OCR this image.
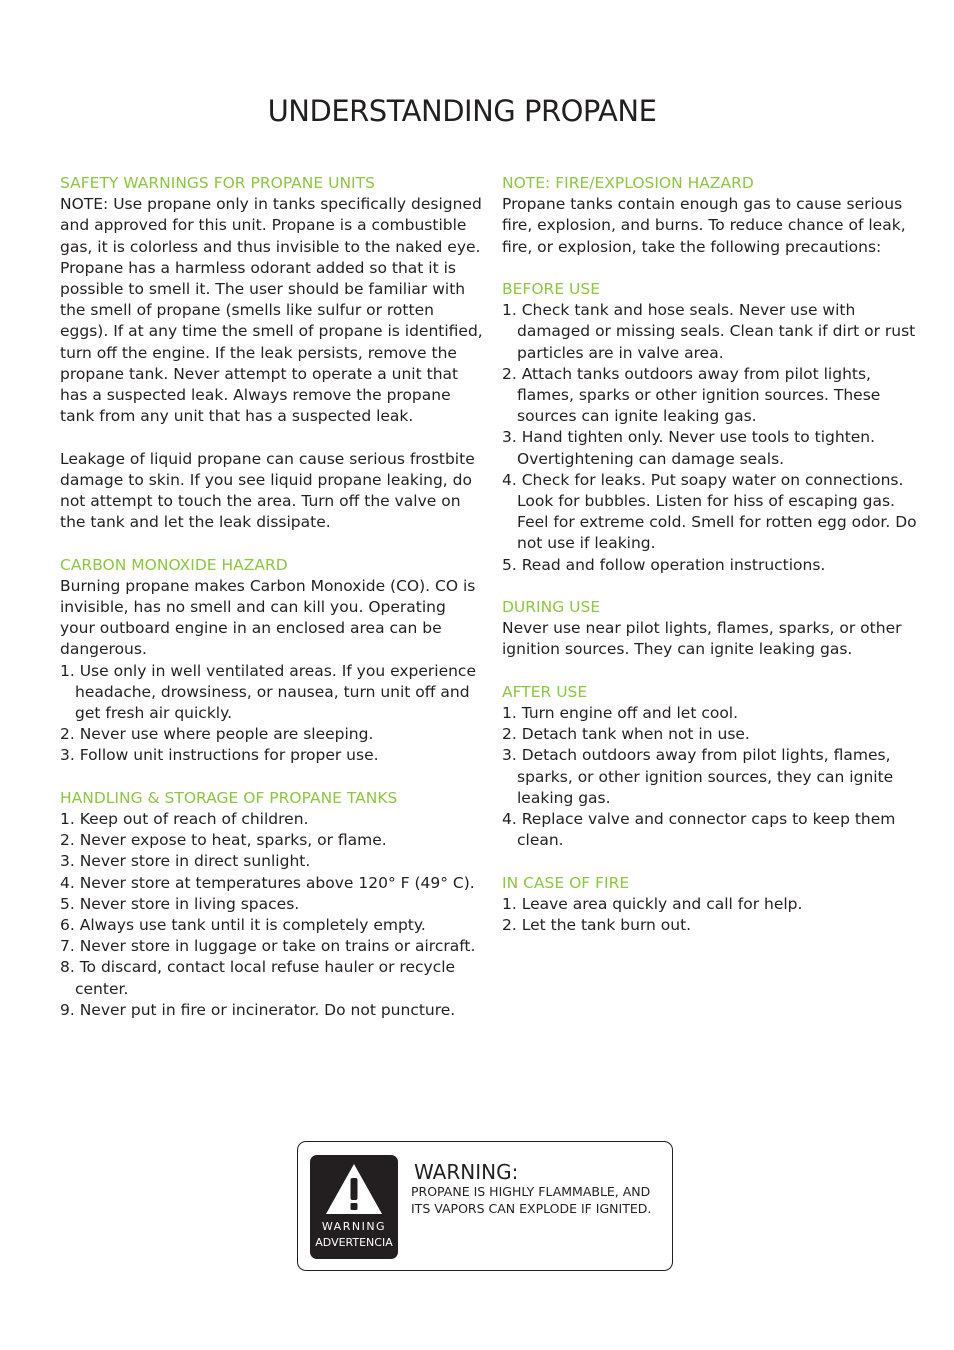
UNDERSTANDING PROPANE
SAFETY WARNINGS FOR PROPANE UNITS

NOTE: Use propane only in tanks specifically designed and approved for this unit. Propane is a combustible gas, it is colorless and thus invisible to the naked eye. Propane has a harmless odorant added so that it is possible to smell it. The user should be familiar with the smell of propane (smells like sulfur or rotten eggs). If at any time the smell of propane is identified, turn off the engine. If the leak persists, remove the propane tank. Never attempt to operate a unit that has a suspected leak. Always remove the propane tank from any unit that has a suspected leak.

Leakage of liquid propane can cause serious frostbite damage to skin. If you see liquid propane leaking, do not attempt to touch the area. Turn off the valve on the tank and let the leak dissipate.

CARBON MONOXIDE HAZARD

Burning propane makes Carbon Monoxide (CO). CO is invisible, has no smell and can kill you. Operating your outboard engine in an enclosed area can be dangerous.

1. Use only in well ventilated areas. If you experience headache, drowsiness, or nausea, turn unit off and get fresh air quickly.
2. Never use where people are sleeping.
3. Follow unit instructions for proper use.
HANDLING & STORAGE OF PROPANE TANKS
1. Keep out of reach of children.
2. Never expose to heat, sparks, or flame.
3. Never store in direct sunlight.
4. Never store at temperatures above 120° F (49° C).
5. Never store in living spaces.
6. Always use tank until it is completely empty.
7. Never store in luggage or take on trains or aircraft.
8. To discard, contact local refuse hauler or recycle center.
9. Never put in fire or incinerator. Do not puncture.
NOTE: FIRE/EXPLOSION HAZARD

Propane tanks contain enough gas to cause serious fire, explosion, and burns. To reduce chance of leak, fire, or explosion, take the following precautions:

BEFORE USE
1. Check tank and hose seals. Never use with damaged or missing seals. Clean tank if dirt or rust particles are in valve area.
2. Attach tanks outdoors away from pilot lights, flames, sparks or other ignition sources. These sources can ignite leaking gas.
3. Hand tighten only. Never use tools to tighten. Overtightening can damage seals.
4. Check for leaks. Put soapy water on connections. Look for bubbles. Listen for hiss of escaping gas. Feel for extreme cold. Smell for rotten egg odor. Do not use if leaking.
5. Read and follow operation instructions.
DURING USE

Never use near pilot lights, flames, sparks, or other ignition sources. They can ignite leaking gas.

AFTER USE
1. Turn engine off and let cool.
2. Detach tank when not in use.
3. Detach outdoors away from pilot lights, flames, sparks, or other ignition sources, they can ignite leaking gas.
4. Replace valve and connector caps to keep them clean.
IN CASE OF FIRE
1. Leave area quickly and call for help.
2. Let the tank burn out.
WARNING
ADVERTENCIA
WARNING:
PROPANE IS HIGHLY FLAMMABLE, AND ITS VAPORS CAN EXPLODE IF IGNITED.
